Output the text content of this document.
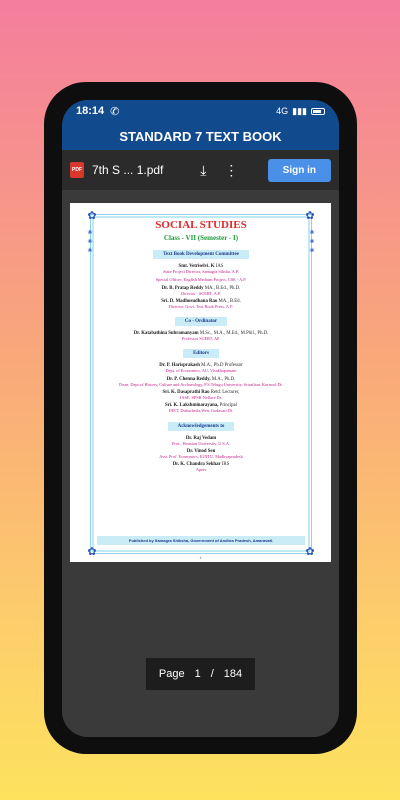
18:14 ✆	4G ▮▮▮
STANDARD 7 TEXT BOOK
PDF 7th S ... 1.pdf	⤓	⋮	Sign in
✿	✿
✿	✿
❀
❀
❀
❀
❀
❀
SOCIAL STUDIES
Class - VII (Semester - I)
Text Book Development Committee
Smt. Vetriselvi. K IAS
State Project Director, Samagra Siksha, A.P.
Special Officer, English Medium Project, CSE - A.P.
Dr. B. Pratap Reddy MA., B.Ed., Ph.D.
Director - SCERT, A.P.
Sri. D. Madhusudhana Rao MA., B.Ed.
Director, Govt. Text Book Press, A.P.
Co - Ordinator
Dr. Katabathina Subramanyam M.Sc., M.A., M.Ed., M.Phil., Ph.D.
Professor SCERT, AP.
Editors
Dr. P. Harisprakash M.A., Ph.D Professor
Dept. of Economics, AU, Visakhapatnam
Dr. P. Chenna Reddy, M.A., Ph.D.
Dean, Dept.of History, Culture and Archaeology, P.S.Telugu University, Srisailam, Kurnool Dt.
Sri. K. Dasaprathi Rao Retd. Lecturer,
IASE, SPSR Nellore Dt.
Sri. K. Lakshminarayana, Principal
DIET, Dubacherla,West Godavari Dt.
Acknowledgements to
Dr. Raj Vedam
Prof., Houston University, U.S.A.
Dr. Vinod Sen
Asst. Prof. Economics, IGNTU, Madhyapradesh
Dr. K. Chandra Sekhar IRS
Apeer
Published by Samagra Shiksha, Government of Andhra Pradesh, Amaravati.
1
Page 1 / 184
